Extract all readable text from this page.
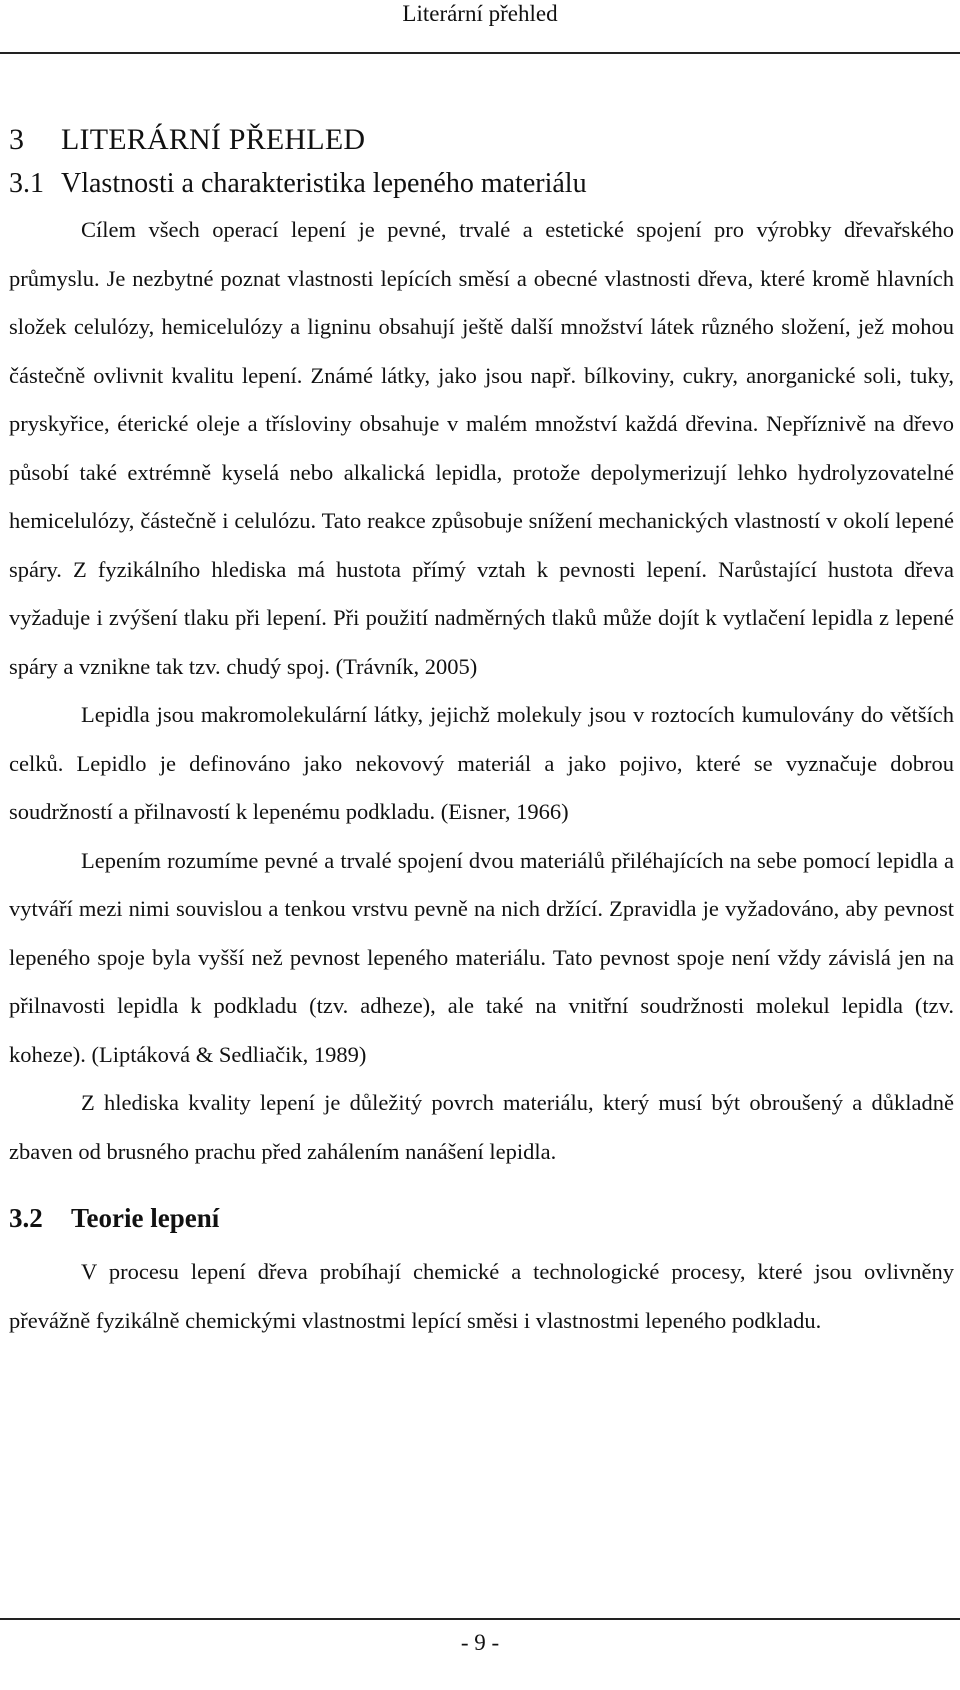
Literární přehled
3 LITERÁRNÍ PŘEHLED
3.1 Vlastnosti a charakteristika lepeného materiálu

Cílem všech operací lepení je pevné, trvalé a estetické spojení pro výrobky dřevařského průmyslu. Je nezbytné poznat vlastnosti lepících směsí a obecné vlastnosti dřeva, které kromě hlavních složek celulózy, hemicelulózy a ligninu obsahují ještě další množství látek různého složení, jež mohou částečně ovlivnit kvalitu lepení. Známé látky, jako jsou např. bílkoviny, cukry, anorganické soli, tuky, pryskyřice, éterické oleje a třísloviny obsahuje v malém množství každá dřevina. Nepříznivě na dřevo působí také extrémně kyselá nebo alkalická lepidla, protože depolymerizují lehko hydrolyzovatelné hemicelulózy, částečně i celulózu. Tato reakce způsobuje snížení mechanických vlastností v okolí lepené spáry. Z fyzikálního hlediska má hustota přímý vztah k pevnosti lepení. Narůstající hustota dřeva vyžaduje i zvýšení tlaku při lepení. Při použití nadměrných tlaků může dojít k vytlačení lepidla z lepené spáry a vznikne tak tzv. chudý spoj. (Trávník, 2005)

Lepidla jsou makromolekulární látky, jejichž molekuly jsou v roztocích kumulovány do větších celků. Lepidlo je definováno jako nekovový materiál a jako pojivo, které se vyznačuje dobrou soudržností a přilnavostí k lepenému podkladu. (Eisner, 1966)

Lepením rozumíme pevné a trvalé spojení dvou materiálů přiléhajících na sebe pomocí lepidla a vytváří mezi nimi souvislou a tenkou vrstvu pevně na nich držící. Zpravidla je vyžadováno, aby pevnost lepeného spoje byla vyšší než pevnost lepeného materiálu. Tato pevnost spoje není vždy závislá jen na přilnavosti lepidla k podkladu (tzv. adheze), ale také na vnitřní soudržnosti molekul lepidla (tzv. koheze). (Liptáková & Sedliačik, 1989)

Z hlediska kvality lepení je důležitý povrch materiálu, který musí být obroušený a důkladně zbaven od brusného prachu před zahálením nanášení lepidla.

3.2 Teorie lepení

V procesu lepení dřeva probíhají chemické a technologické procesy, které jsou ovlivněny převážně fyzikálně chemickými vlastnostmi lepící směsi i vlastnostmi lepeného podkladu.

- 9 -
